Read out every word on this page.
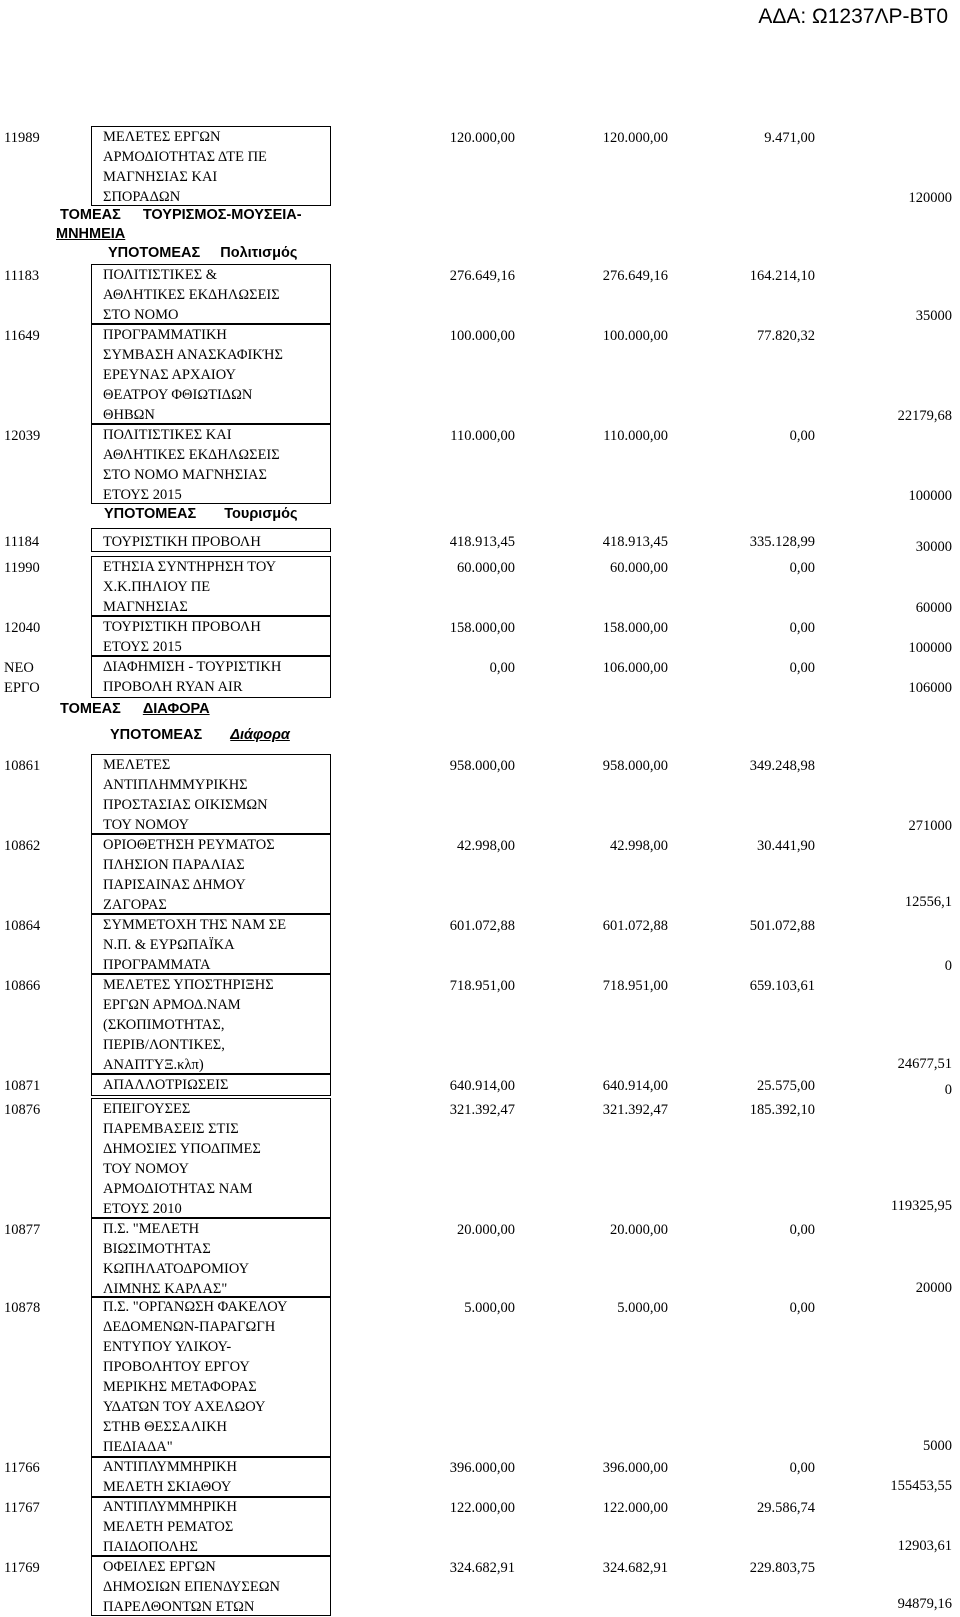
ΑΔΑ: Ω1237ΛΡ-ΒΤ0
11989	ΜΕΛΕΤΕΣ ΕΡΓΩΝ
ΑΡΜΟΔΙΟΤΗΤΑΣ ΔΤΕ ΠΕ
ΜΑΓΝΗΣΙΑΣ ΚΑΙ
ΣΠΟΡΑΔΩΝ
120.000,00	120.000,00	9.471,00
120000
ΤΟΜΕΑΣ ΤΟΥΡΙΣΜΟΣ-ΜΟΥΣΕΙΑ-
ΜΝΗΜΕΙΑ
ΥΠΟΤΟΜΕΑΣ Πολιτισμός
11183	ΠΟΛΙΤΙΣΤΙΚΕΣ &
ΑΘΛΗΤΙΚΕΣ ΕΚΔΗΛΩΣΕΙΣ
ΣΤΟ ΝΟΜΟ
276.649,16	276.649,16	164.214,10
35000
11649	ΠΡΟΓΡΑΜΜΑΤΙΚΗ
ΣΥΜΒΑΣΗ ΑΝΑΣΚΑΦΙΚΉΣ
ΕΡΕΥΝΑΣ ΑΡΧΑΙΟΥ
ΘΕΑΤΡΟΥ ΦΘΙΩΤΙΔΩΝ
ΘΗΒΩΝ
100.000,00	100.000,00	77.820,32
22179,68
12039	ΠΟΛΙΤΙΣΤΙΚΕΣ ΚΑΙ
ΑΘΛΗΤΙΚΕΣ ΕΚΔΗΛΩΣΕΙΣ
ΣΤΟ ΝΟΜΟ ΜΑΓΝΗΣΙΑΣ
ΕΤΟΥΣ 2015
110.000,00	110.000,00	0,00
100000
ΥΠΟΤΟΜΕΑΣ Τουρισμός
11184	ΤΟΥΡΙΣΤΙΚΗ ΠΡΟΒΟΛΗ	418.913,45	418.913,45	335.128,99	30000
11990	ΕΤΗΣΙΑ ΣΥΝΤΗΡΗΣΗ ΤΟΥ
Χ.Κ.ΠΗΛΙΟΥ ΠΕ
ΜΑΓΝΗΣΙΑΣ
60.000,00	60.000,00	0,00
60000
12040	ΤΟΥΡΙΣΤΙΚΗ ΠΡΟΒΟΛΗ
ΕΤΟΥΣ 2015
158.000,00	158.000,00	0,00
100000
ΝΕΟ
ΕΡΓΟ
ΔΙΑΦΗΜΙΣΗ - ΤΟΥΡΙΣΤΙΚΗ
ΠΡΟΒΟΛΗ RYAN AIR
0,00	106.000,00	0,00
106000
ΤΟΜΕΑΣ ΔΙΑΦΟΡΑ
ΥΠΟΤΟΜΕΑΣ Διάφορα
10861	ΜΕΛΕΤΕΣ
ΑΝΤΙΠΛΗΜΜΥΡΙΚΗΣ
ΠΡΟΣΤΑΣΙΑΣ ΟΙΚΙΣΜΩΝ
ΤΟΥ ΝΟΜΟΥ
958.000,00	958.000,00	349.248,98
271000
10862	ΟΡΙΟΘΕΤΗΣΗ ΡΕΥΜΑΤΟΣ
ΠΛΗΣΙΟΝ ΠΑΡΑΛΙΑΣ
ΠΑΡΙΣΑΙΝΑΣ ΔΗΜΟΥ
ΖΑΓΟΡΑΣ
42.998,00	42.998,00	30.441,90
12556,1
10864	ΣΥΜΜΕΤΟΧΗ ΤΗΣ ΝΑΜ ΣΕ
Ν.Π. & ΕΥΡΩΠΑΪΚΑ
ΠΡΟΓΡΑΜΜΑΤΑ
601.072,88	601.072,88	501.072,88
0
10866	ΜΕΛΕΤΕΣ ΥΠΟΣΤΗΡΙΞΗΣ
ΕΡΓΩΝ ΑΡΜΟΔ.ΝΑΜ
(ΣΚΟΠΙΜΟΤΗΤΑΣ,
ΠΕΡΙΒ/ΛΟΝΤΙΚΕΣ,
ΑΝΑΠΤΥΞ.κλπ)
718.951,00	718.951,00	659.103,61
24677,51
10871	ΑΠΑΛΛΟΤΡΙΩΣΕΙΣ	640.914,00	640.914,00	25.575,00	0
10876	ΕΠΕΙΓΟΥΣΕΣ
ΠΑΡΕΜΒΑΣΕΙΣ ΣΤΙΣ
ΔΗΜΟΣΙΕΣ ΥΠΟΔΠΜΕΣ
ΤΟΥ ΝΟΜΟΥ
ΑΡΜΟΔΙΟΤΗΤΑΣ ΝΑΜ
ΕΤΟΥΣ 2010
321.392,47	321.392,47	185.392,10
119325,95
10877	Π.Σ. "ΜΕΛΕΤΗ
ΒΙΩΣΙΜΟΤΗΤΑΣ
ΚΩΠΗΛΑΤΟΔΡΟΜΙΟΥ
ΛΙΜΝΗΣ ΚΑΡΛΑΣ"
20.000,00	20.000,00	0,00
20000
10878	Π.Σ. "ΟΡΓΑΝΩΣΗ ΦΑΚΕΛΟΥ
ΔΕΔΟΜΕΝΩΝ-ΠΑΡΑΓΩΓΗ
ΕΝΤΥΠΟΥ ΥΛΙΚΟΥ-
ΠΡΟΒΟΛΗΤΟΥ ΕΡΓΟΥ
ΜΕΡΙΚΗΣ ΜΕΤΑΦΟΡΑΣ
ΥΔΑΤΩΝ ΤΟΥ ΑΧΕΛΩΟΥ
ΣΤΗΒ ΘΕΣΣΑΛΙΚΗ
ΠΕΔΙΑΔΑ"
5.000,00	5.000,00	0,00
5000
11766	ΑΝΤΙΠΛΥΜΜΗΡΙΚΗ
ΜΕΛΕΤΗ ΣΚΙΑΘΟΥ
396.000,00	396.000,00	0,00
155453,55
11767	ΑΝΤΙΠΛΥΜΜΗΡΙΚΗ
ΜΕΛΕΤΗ ΡΕΜΑΤΟΣ
ΠΑΙΔΟΠΟΛΗΣ
122.000,00	122.000,00	29.586,74
12903,61
11769	ΟΦΕΙΛΕΣ ΕΡΓΩΝ
ΔΗΜΟΣΙΩΝ ΕΠΕΝΔΥΣΕΩΝ
ΠΑΡΕΛΘΟΝΤΩΝ ΕΤΩΝ
324.682,91	324.682,91	229.803,75
94879,16
